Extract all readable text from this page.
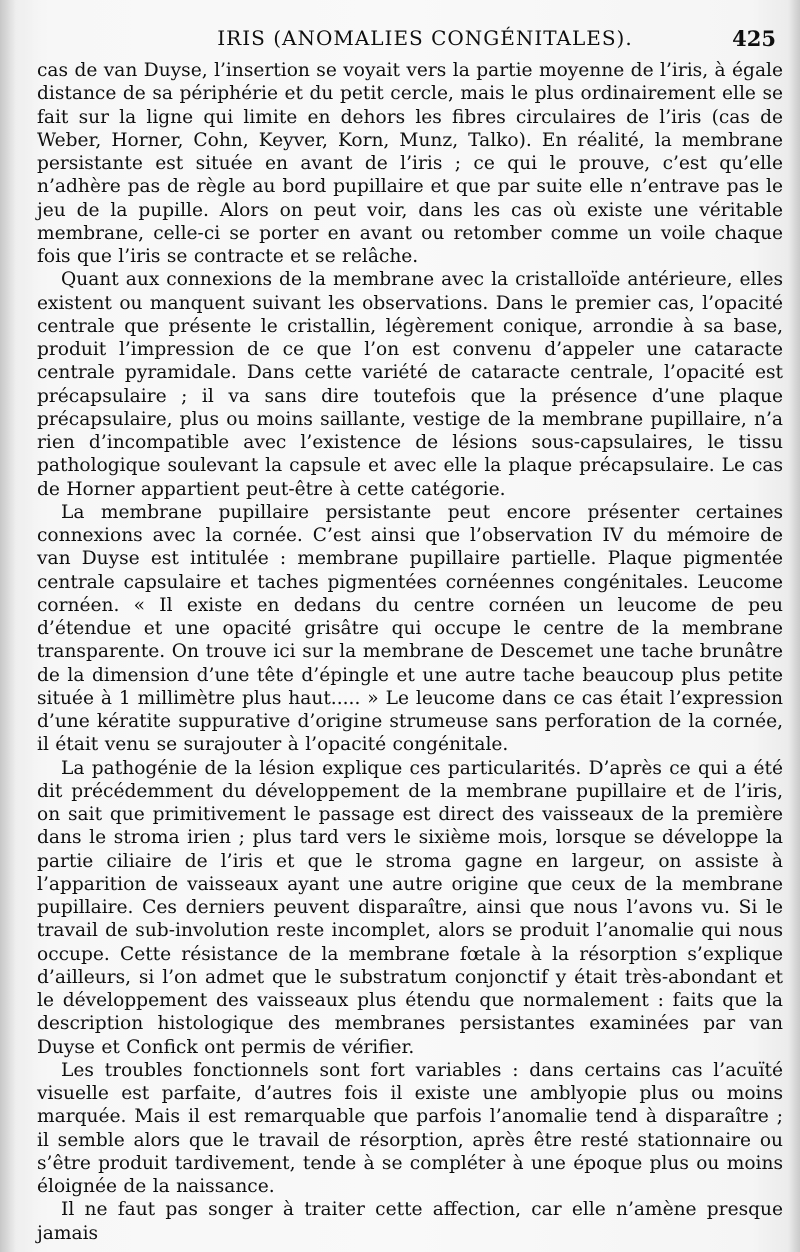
IRIS (ANOMALIES CONGÉNITALES).	425

cas de van Duyse, l’insertion se voyait vers la partie moyenne de l’iris, à égale distance de sa périphérie et du petit cercle, mais le plus ordinairement elle se fait sur la ligne qui limite en dehors les fibres circulaires de l’iris (cas de Weber, Horner, Cohn, Keyver, Korn, Munz, Talko). En réalité, la membrane persistante est située en avant de l’iris ; ce qui le prouve, c’est qu’elle n’adhère pas de règle au bord pupillaire et que par suite elle n’entrave pas le jeu de la pupille. Alors on peut voir, dans les cas où existe une véritable membrane, celle-ci se porter en avant ou retomber comme un voile chaque fois que l’iris se contracte et se relâche.

Quant aux connexions de la membrane avec la cristalloïde antérieure, elles existent ou manquent suivant les observations. Dans le premier cas, l’opacité centrale que présente le cristallin, légèrement conique, arrondie à sa base, produit l’impression de ce que l’on est convenu d’appeler une cataracte centrale pyramidale. Dans cette variété de cataracte centrale, l’opacité est précapsulaire ; il va sans dire toutefois que la présence d’une plaque précapsulaire, plus ou moins saillante, vestige de la membrane pupillaire, n’a rien d’incompatible avec l’existence de lésions sous-capsulaires, le tissu pathologique soulevant la capsule et avec elle la plaque précapsulaire. Le cas de Horner appartient peut-être à cette catégorie.

La membrane pupillaire persistante peut encore présenter certaines connexions avec la cornée. C’est ainsi que l’observation IV du mémoire de van Duyse est intitulée : membrane pupillaire partielle. Plaque pigmentée centrale capsulaire et taches pigmentées cornéennes congénitales. Leucome cornéen. « Il existe en dedans du centre cornéen un leucome de peu d’étendue et une opacité grisâtre qui occupe le centre de la membrane transparente. On trouve ici sur la membrane de Descemet une tache brunâtre de la dimension d’une tête d’épingle et une autre tache beaucoup plus petite située à 1 millimètre plus haut..... » Le leucome dans ce cas était l’expression d’une kératite suppurative d’origine strumeuse sans perforation de la cornée, il était venu se surajouter à l’opacité congénitale.

La pathogénie de la lésion explique ces particularités. D’après ce qui a été dit précédemment du développement de la membrane pupillaire et de l’iris, on sait que primitivement le passage est direct des vaisseaux de la première dans le stroma irien ; plus tard vers le sixième mois, lorsque se développe la partie ciliaire de l’iris et que le stroma gagne en largeur, on assiste à l’apparition de vaisseaux ayant une autre origine que ceux de la membrane pupillaire. Ces derniers peuvent disparaître, ainsi que nous l’avons vu. Si le travail de sub-involution reste incomplet, alors se produit l’anomalie qui nous occupe. Cette résistance de la membrane fœtale à la résorption s’explique d’ailleurs, si l’on admet que le substratum conjonctif y était très-abondant et le développement des vaisseaux plus étendu que normalement : faits que la description histologique des membranes persistantes examinées par van Duyse et Confick ont permis de vérifier.

Les troubles fonctionnels sont fort variables : dans certains cas l’acuïté visuelle est parfaite, d’autres fois il existe une amblyopie plus ou moins marquée. Mais il est remarquable que parfois l’anomalie tend à disparaître ; il semble alors que le travail de résorption, après être resté stationnaire ou s’être produit tardivement, tende à se compléter à une époque plus ou moins éloignée de la naissance.

Il ne faut pas songer à traiter cette affection, car elle n’amène presque jamais
